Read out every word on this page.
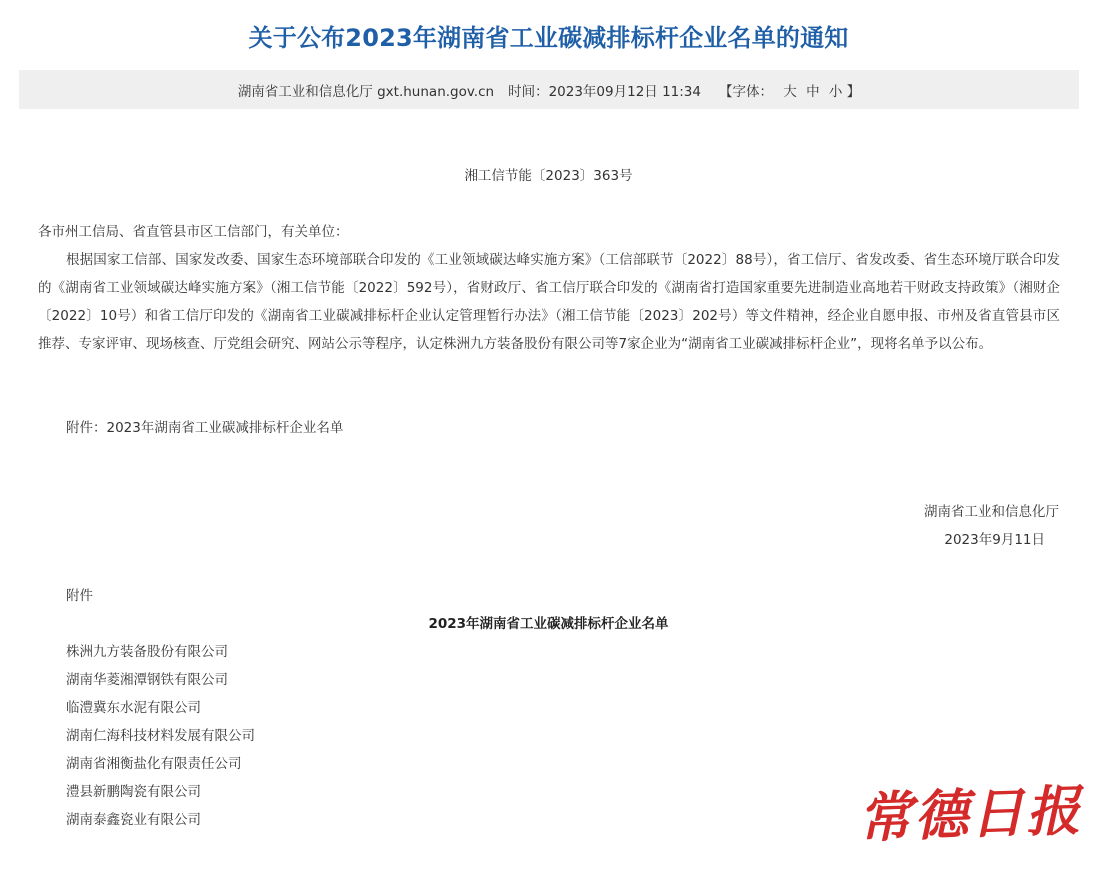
关于公布2023年湖南省工业碳减排标杆企业名单的通知
湖南省工业和信息化厅 gxt.hunan.gov.cn 时间：2023年09月12日 11:34 【字体： 大 中 小 】
湘工信节能〔2023〕363号
各市州工信局、省直管县市区工信部门，有关单位：
根据国家工信部、国家发改委、国家生态环境部联合印发的《工业领域碳达峰实施方案》（工信部联节〔2022〕88号），省工信厅、省发改委、省生态环境厅联合印发的《湖南省工业领域碳达峰实施方案》（湘工信节能〔2022〕592号），省财政厅、省工信厅联合印发的《湖南省打造国家重要先进制造业高地若干财政支持政策》（湘财企〔2022〕10号）和省工信厅印发的《湖南省工业碳减排标杆企业认定管理暂行办法》（湘工信节能〔2023〕202号）等文件精神，经企业自愿申报、市州及省直管县市区推荐、专家评审、现场核查、厅党组会研究、网站公示等程序，认定株洲九方装备股份有限公司等7家企业为“湖南省工业碳减排标杆企业”，现将名单予以公布。
附件：2023年湖南省工业碳减排标杆企业名单
湖南省工业和信息化厅
2023年9月11日
附件
2023年湖南省工业碳减排标杆企业名单
株洲九方装备股份有限公司
湖南华菱湘潭钢铁有限公司
临澧冀东水泥有限公司
湖南仁海科技材料发展有限公司
湖南省湘衡盐化有限责任公司
澧县新鹏陶瓷有限公司
湖南泰鑫瓷业有限公司	常德日报
